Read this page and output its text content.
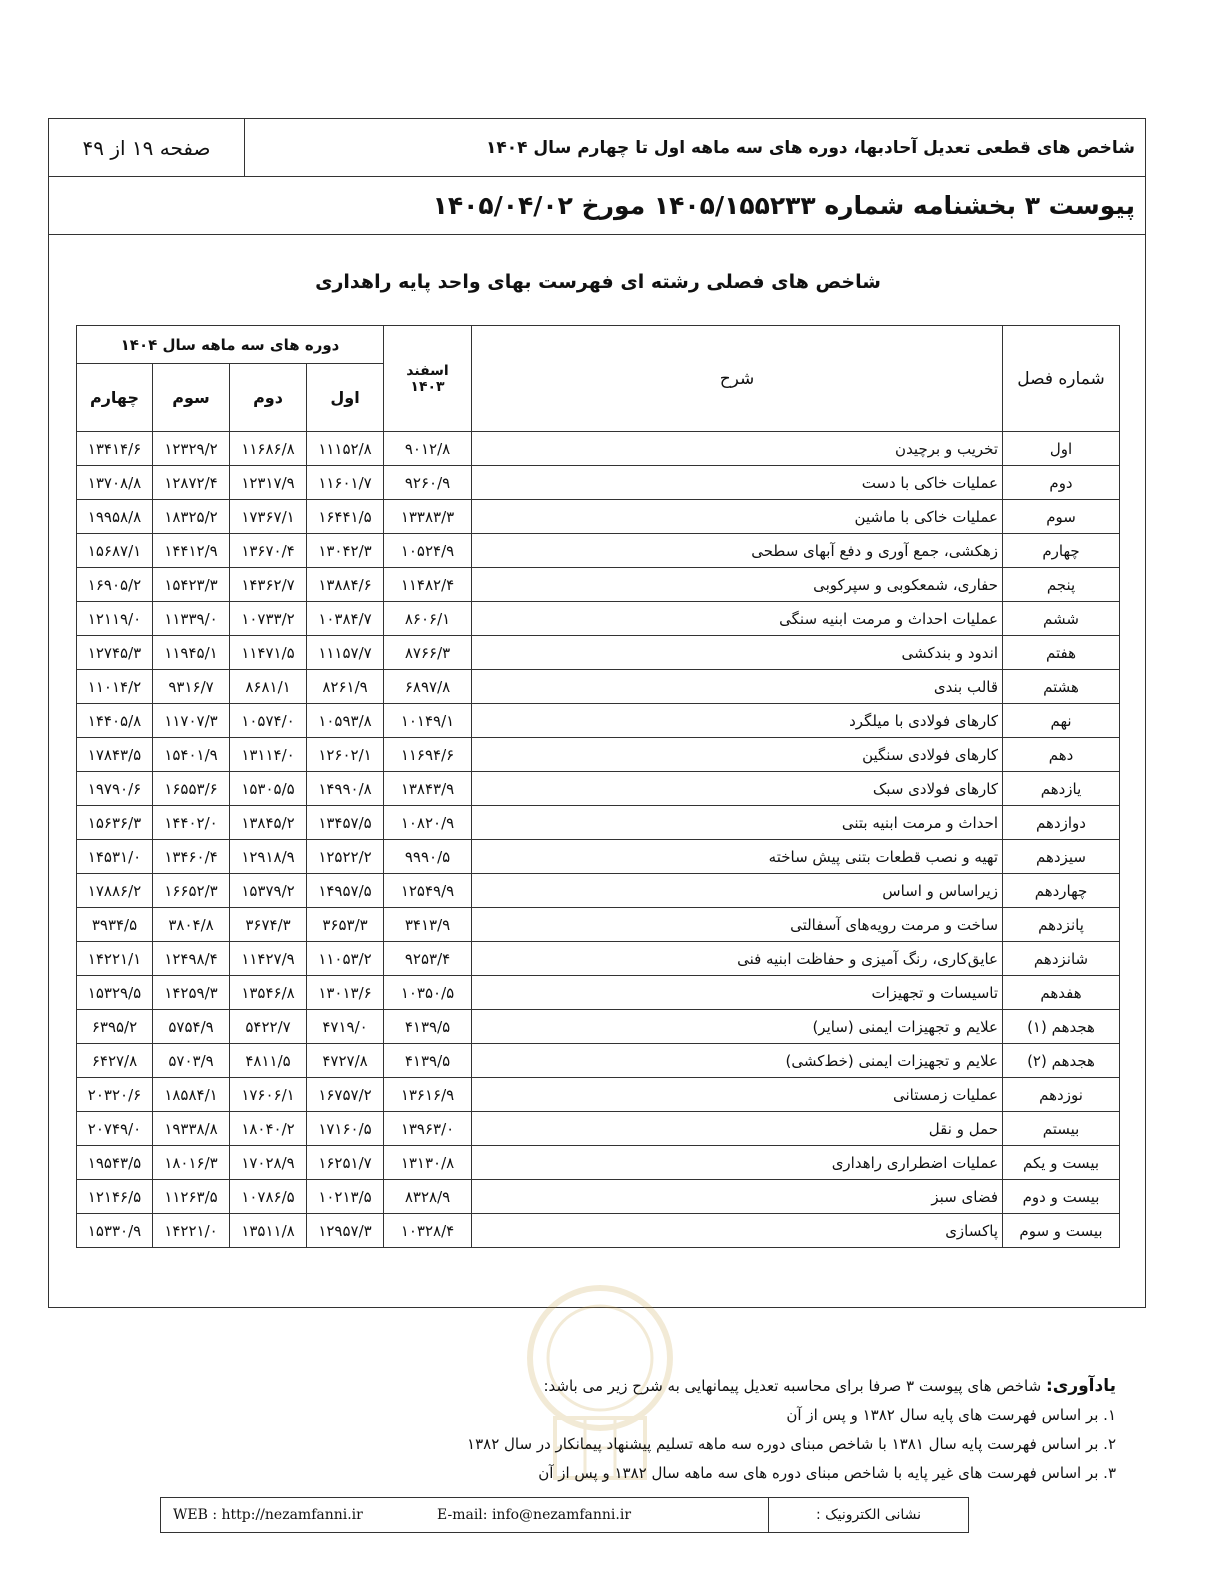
صفحه ۱۹ از ۴۹	شاخص های قطعی تعدیل آحادبها، دوره های سه ماهه اول تا چهارم سال ۱۴۰۴
پیوست ۳ بخشنامه شماره ۱۴۰۵/۱۵۵۲۳۳ مورخ ۱۴۰۵/۰۴/۰۲
شاخص های فصلی رشته ای فهرست بهای واحد پایه راهداری
شماره فصل	شرح	اسفند ۱۴۰۳	دوره های سه ماهه سال ۱۴۰۴			
			اول	دوم	سوم	چهارم
اول	تخریب و برچیدن	۹۰۱۲/۸	۱۱۱۵۲/۸	۱۱۶۸۶/۸	۱۲۳۲۹/۲	۱۳۴۱۴/۶
دوم	عملیات خاکی با دست	۹۲۶۰/۹	۱۱۶۰۱/۷	۱۲۳۱۷/۹	۱۲۸۷۲/۴	۱۳۷۰۸/۸
سوم	عملیات خاکی با ماشین	۱۳۳۸۳/۳	۱۶۴۴۱/۵	۱۷۳۶۷/۱	۱۸۳۲۵/۲	۱۹۹۵۸/۸
چهارم	زهکشی، جمع آوری و دفع آبهای سطحی	۱۰۵۲۴/۹	۱۳۰۴۲/۳	۱۳۶۷۰/۴	۱۴۴۱۲/۹	۱۵۶۸۷/۱
پنجم	حفاری، شمعکوبی و سپرکوبی	۱۱۴۸۲/۴	۱۳۸۸۴/۶	۱۴۳۶۲/۷	۱۵۴۲۳/۳	۱۶۹۰۵/۲
ششم	عملیات احداث و مرمت ابنیه سنگی	۸۶۰۶/۱	۱۰۳۸۴/۷	۱۰۷۳۳/۲	۱۱۳۳۹/۰	۱۲۱۱۹/۰
هفتم	اندود و بندکشی	۸۷۶۶/۳	۱۱۱۵۷/۷	۱۱۴۷۱/۵	۱۱۹۴۵/۱	۱۲۷۴۵/۳
هشتم	قالب بندی	۶۸۹۷/۸	۸۲۶۱/۹	۸۶۸۱/۱	۹۳۱۶/۷	۱۱۰۱۴/۲
نهم	کارهای فولادی با میلگرد	۱۰۱۴۹/۱	۱۰۵۹۳/۸	۱۰۵۷۴/۰	۱۱۷۰۷/۳	۱۴۴۰۵/۸
دهم	کارهای فولادی سنگین	۱۱۶۹۴/۶	۱۲۶۰۲/۱	۱۳۱۱۴/۰	۱۵۴۰۱/۹	۱۷۸۴۳/۵
یازدهم	کارهای فولادی سبک	۱۳۸۴۳/۹	۱۴۹۹۰/۸	۱۵۳۰۵/۵	۱۶۵۵۳/۶	۱۹۷۹۰/۶
دوازدهم	احداث و مرمت ابنیه بتنی	۱۰۸۲۰/۹	۱۳۴۵۷/۵	۱۳۸۴۵/۲	۱۴۴۰۲/۰	۱۵۶۳۶/۳
سیزدهم	تهیه و نصب قطعات بتنی پیش ساخته	۹۹۹۰/۵	۱۲۵۲۲/۲	۱۲۹۱۸/۹	۱۳۴۶۰/۴	۱۴۵۳۱/۰
چهاردهم	زیراساس و اساس	۱۲۵۴۹/۹	۱۴۹۵۷/۵	۱۵۳۷۹/۲	۱۶۶۵۲/۳	۱۷۸۸۶/۲
پانزدهم	ساخت و مرمت رویه‌های آسفالتی	۳۴۱۳/۹	۳۶۵۳/۳	۳۶۷۴/۳	۳۸۰۴/۸	۳۹۳۴/۵
شانزدهم	عایق‌کاری، رنگ آمیزی و حفاظت ابنیه فنی	۹۲۵۳/۴	۱۱۰۵۳/۲	۱۱۴۲۷/۹	۱۲۴۹۸/۴	۱۴۲۲۱/۱
هفدهم	تاسیسات و تجهیزات	۱۰۳۵۰/۵	۱۳۰۱۳/۶	۱۳۵۴۶/۸	۱۴۲۵۹/۳	۱۵۳۲۹/۵
هجدهم (۱)	علایم و تجهیزات ایمنی (سایر)	۴۱۳۹/۵	۴۷۱۹/۰	۵۴۲۲/۷	۵۷۵۴/۹	۶۳۹۵/۲
هجدهم (۲)	علایم و تجهیزات ایمنی (خط‌کشی)	۴۱۳۹/۵	۴۷۲۷/۸	۴۸۱۱/۵	۵۷۰۳/۹	۶۴۲۷/۸
نوزدهم	عملیات زمستانی	۱۳۶۱۶/۹	۱۶۷۵۷/۲	۱۷۶۰۶/۱	۱۸۵۸۴/۱	۲۰۳۲۰/۶
بیستم	حمل و نقل	۱۳۹۶۳/۰	۱۷۱۶۰/۵	۱۸۰۴۰/۲	۱۹۳۳۸/۸	۲۰۷۴۹/۰
بیست و یکم	عملیات اضطراری راهداری	۱۳۱۳۰/۸	۱۶۲۵۱/۷	۱۷۰۲۸/۹	۱۸۰۱۶/۳	۱۹۵۴۳/۵
بیست و دوم	فضای سبز	۸۳۲۸/۹	۱۰۲۱۳/۵	۱۰۷۸۶/۵	۱۱۲۶۳/۵	۱۲۱۴۶/۵
بیست و سوم	پاکسازی	۱۰۳۲۸/۴	۱۲۹۵۷/۳	۱۳۵۱۱/۸	۱۴۲۲۱/۰	۱۵۳۳۰/۹
یادآوری: شاخص های پیوست ۳ صرفا برای محاسبه تعدیل پیمانهایی به شرح زیر می باشد:
۱. بر اساس فهرست های پایه سال ۱۳۸۲ و پس از آن
۲. بر اساس فهرست پایه سال ۱۳۸۱ با شاخص مبنای دوره سه ماهه تسلیم پیشنهاد پیمانکار در سال ۱۳۸۲
۳. بر اساس فهرست های غیر پایه با شاخص مبنای دوره های سه ماهه سال ۱۳۸۲ و پس از آن
نشانی الکترونیک :
E-mail: info@nezamfanni.ir
WEB : http://nezamfanni.ir
